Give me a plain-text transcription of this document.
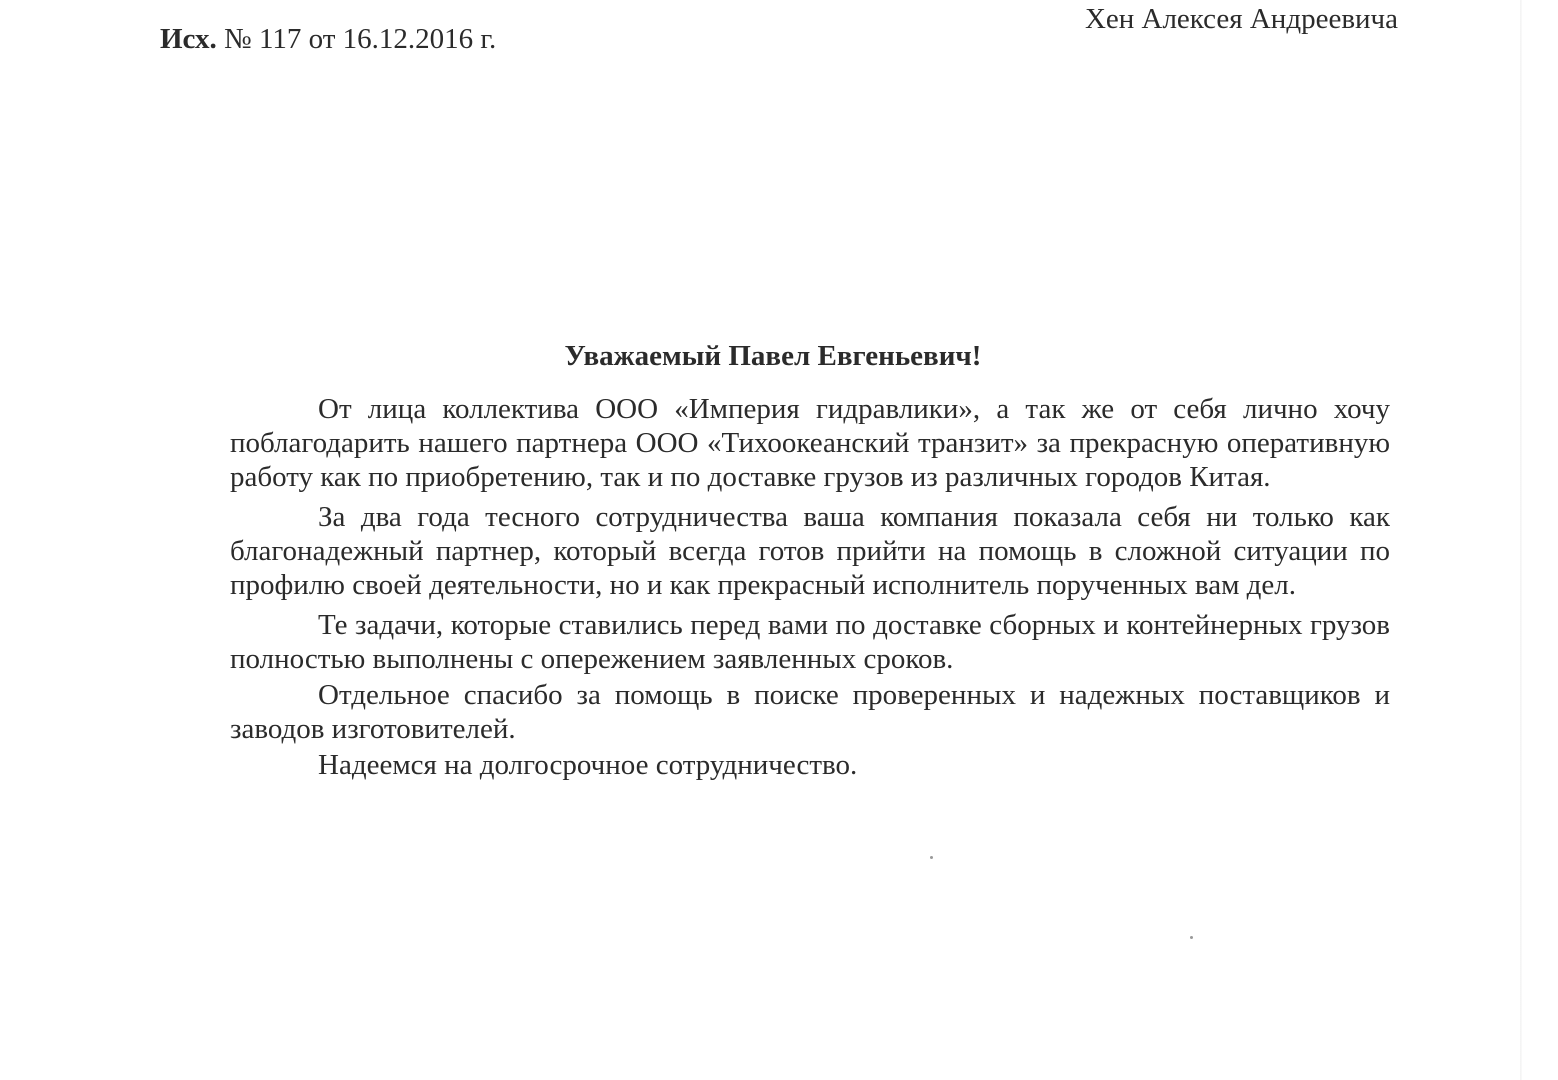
Исх. № 117 от 16.12.2016 г.
Хен Алексея Андреевича
Уважаемый Павел Евгеньевич!

От лица коллектива ООО «Империя гидравлики», а так же от себя лично хочу поблагодарить нашего партнера ООО «Тихоокеанский транзит» за прекрасную оперативную работу как по приобретению, так и по доставке грузов из различных городов Китая.

За два года тесного сотрудничества ваша компания показала себя ни только как благонадежный партнер, который всегда готов прийти на помощь в сложной ситуации по профилю своей деятельности, но и как прекрасный исполнитель порученных вам дел.

Те задачи, которые ставились перед вами по доставке сборных и контейнерных грузов полностью выполнены с опережением заявленных сроков.

Отдельное спасибо за помощь в поиске проверенных и надежных поставщиков и заводов изготовителей.

Надеемся на долгосрочное сотрудничество.
